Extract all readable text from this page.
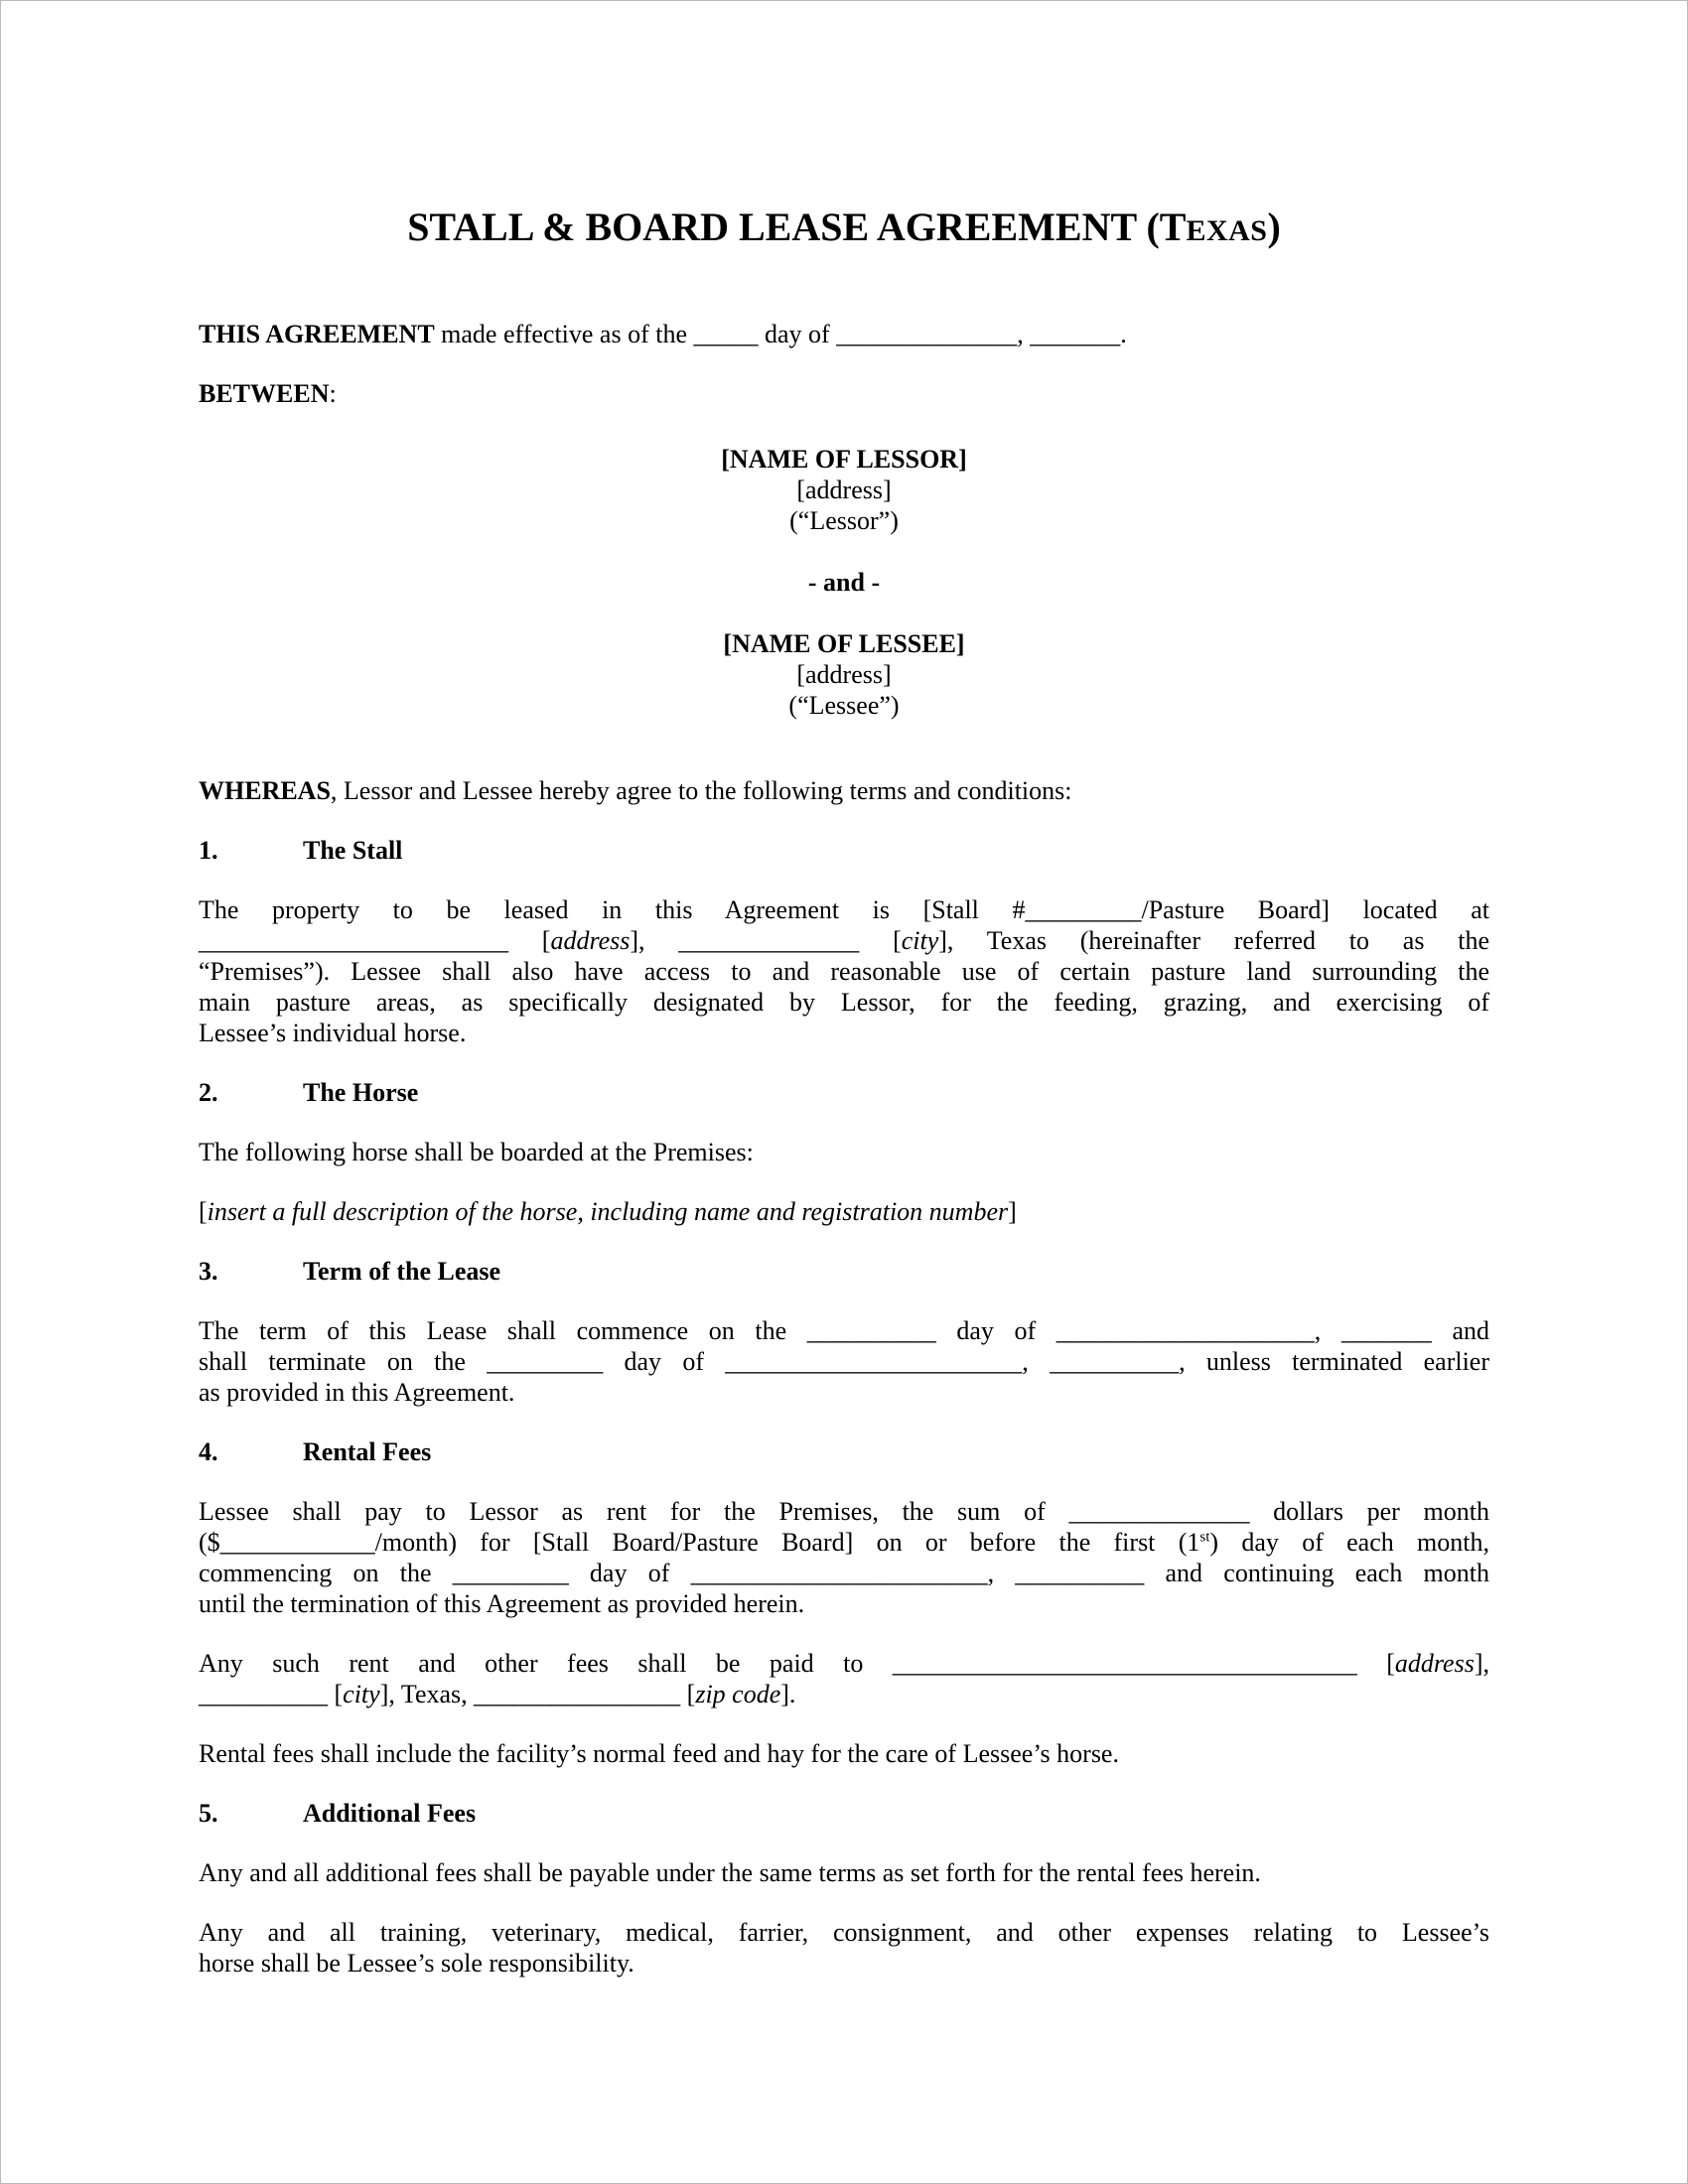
STALL & BOARD LEASE AGREEMENT (TEXAS)
THIS AGREEMENT made effective as of the _____ day of ______________, _______.
BETWEEN:
[NAME OF LESSOR]
[address]
(“Lessor”)
- and -
[NAME OF LESSEE]
[address]
(“Lessee”)
WHEREAS, Lessor and Lessee hereby agree to the following terms and conditions:
1.	The Stall
The property to be leased in this Agreement is [Stall #_________/Pasture Board] located at
________________________ [address], ______________ [city], Texas (hereinafter referred to as the
“Premises”). Lessee shall also have access to and reasonable use of certain pasture land surrounding the
main pasture areas, as specifically designated by Lessor, for the feeding, grazing, and exercising of
Lessee’s individual horse.
2.	The Horse
The following horse shall be boarded at the Premises:
[insert a full description of the horse, including name and registration number]
3.	Term of the Lease
The term of this Lease shall commence on the __________ day of ____________________, _______ and
shall terminate on the _________ day of _______________________, __________, unless terminated earlier
as provided in this Agreement.
4.	Rental Fees
Lessee shall pay to Lessor as rent for the Premises, the sum of ______________ dollars per month
($____________/month) for [Stall Board/Pasture Board] on or before the first (1st) day of each month,
commencing on the _________ day of _______________________, __________ and continuing each month
until the termination of this Agreement as provided herein.
Any such rent and other fees shall be paid to ____________________________________ [address],
__________ [city], Texas, ________________ [zip code].
Rental fees shall include the facility’s normal feed and hay for the care of Lessee’s horse.
5.	Additional Fees
Any and all additional fees shall be payable under the same terms as set forth for the rental fees herein.
Any and all training, veterinary, medical, farrier, consignment, and other expenses relating to Lessee’s
horse shall be Lessee’s sole responsibility.
